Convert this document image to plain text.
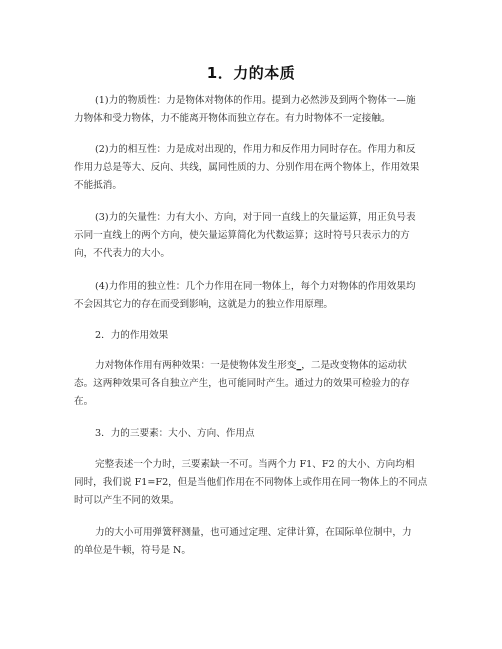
1．力的本质
(1)力的物质性：力是物体对物体的作用。提到力必然涉及到两个物体一—施
力物体和受力物体，力不能离开物体而独立存在。有力时物体不一定接触。
(2)力的相互性：力是成对出现的，作用力和反作用力同时存在。作用力和反
作用力总是等大、反向、共线，属同性质的力、分别作用在两个物体上，作用效果
不能抵消。
(3)力的矢量性：力有大小、方向，对于同一直线上的矢量运算，用正负号表
示同一直线上的两个方向，使矢量运算简化为代数运算；这时符号只表示力的方
向，不代表力的大小。
(4)力作用的独立性：几个力作用在同一物体上，每个力对物体的作用效果均
不会因其它力的存在而受到影响，这就是力的独立作用原理。
2．力的作用效果
力对物体作用有两种效果：一是使物体发生形变_，二是改变物体的运动状
态。这两种效果可各自独立产生，也可能同时产生。通过力的效果可检验力的存
在。
3．力的三要素：大小、方向、作用点
完整表述一个力时，三要素缺一不可。当两个力 F1、F2 的大小、方向均相
同时，我们说 F1=F2，但是当他们作用在不同物体上或作用在同一物体上的不同点
时可以产生不同的效果。
力的大小可用弹簧秤测量，也可通过定理、定律计算，在国际单位制中，力
的单位是牛顿，符号是 N。
